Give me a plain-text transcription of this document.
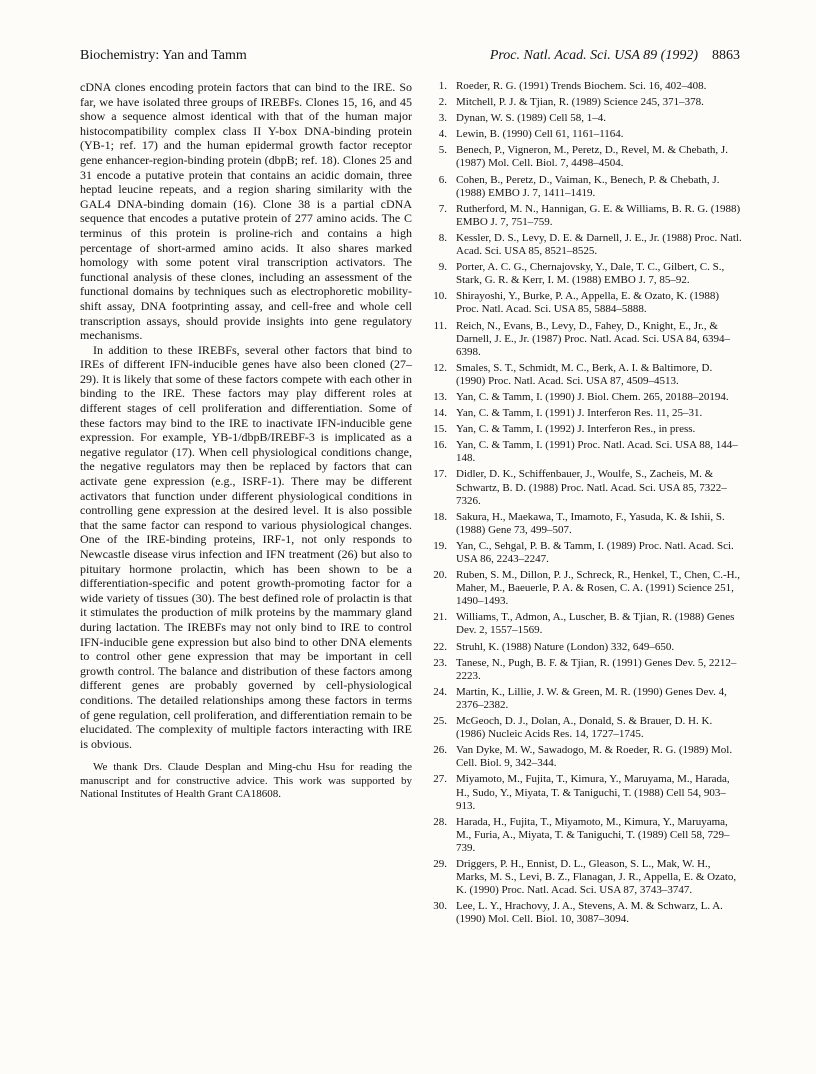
Biochemistry: Yan and Tamm	Proc. Natl. Acad. Sci. USA 89 (1992) 8863

cDNA clones encoding protein factors that can bind to the IRE. So far, we have isolated three groups of IREBFs. Clones 15, 16, and 45 show a sequence almost identical with that of the human major histocompatibility complex class II Y-box DNA-binding protein (YB-1; ref. 17) and the human epidermal growth factor receptor gene enhancer-region-binding protein (dbpB; ref. 18). Clones 25 and 31 encode a putative protein that contains an acidic domain, three heptad leucine repeats, and a region sharing similarity with the GAL4 DNA-binding domain (16). Clone 38 is a partial cDNA sequence that encodes a putative protein of 277 amino acids. The C terminus of this protein is proline-rich and contains a high percentage of short-armed amino acids. It also shares marked homology with some potent viral transcription activators. The functional analysis of these clones, including an assessment of the functional domains by techniques such as electrophoretic mobility-shift assay, DNA footprinting assay, and cell-free and whole cell transcription assays, should provide insights into gene regulatory mechanisms.

In addition to these IREBFs, several other factors that bind to IREs of different IFN-inducible genes have also been cloned (27–29). It is likely that some of these factors compete with each other in binding to the IRE. These factors may play different roles at different stages of cell proliferation and differentiation. Some of these factors may bind to the IRE to inactivate IFN-inducible gene expression. For example, YB-1/dbpB/IREBF-3 is implicated as a negative regulator (17). When cell physiological conditions change, the negative regulators may then be replaced by factors that can activate gene expression (e.g., ISRF-1). There may be different activators that function under different physiological conditions in controlling gene expression at the desired level. It is also possible that the same factor can respond to various physiological changes. One of the IRE-binding proteins, IRF-1, not only responds to Newcastle disease virus infection and IFN treatment (26) but also to pituitary hormone prolactin, which has been shown to be a differentiation-specific and potent growth-promoting factor for a wide variety of tissues (30). The best defined role of prolactin is that it stimulates the production of milk proteins by the mammary gland during lactation. The IREBFs may not only bind to IRE to control IFN-inducible gene expression but also bind to other DNA elements to control other gene expression that may be important in cell growth control. The balance and distribution of these factors among different genes are probably governed by cell-physiological conditions. The detailed relationships among these factors in terms of gene regulation, cell proliferation, and differentiation remain to be elucidated. The complexity of multiple factors interacting with IRE is obvious.

We thank Drs. Claude Desplan and Ming-chu Hsu for reading the manuscript and for constructive advice. This work was supported by National Institutes of Health Grant CA18608.

1. Roeder, R. G. (1991) Trends Biochem. Sci. 16, 402–408.
2. Mitchell, P. J. & Tjian, R. (1989) Science 245, 371–378.
3. Dynan, W. S. (1989) Cell 58, 1–4.
4. Lewin, B. (1990) Cell 61, 1161–1164.
5. Benech, P., Vigneron, M., Peretz, D., Revel, M. & Chebath, J. (1987) Mol. Cell. Biol. 7, 4498–4504.
6. Cohen, B., Peretz, D., Vaiman, K., Benech, P. & Chebath, J. (1988) EMBO J. 7, 1411–1419.
7. Rutherford, M. N., Hannigan, G. E. & Williams, B. R. G. (1988) EMBO J. 7, 751–759.
8. Kessler, D. S., Levy, D. E. & Darnell, J. E., Jr. (1988) Proc. Natl. Acad. Sci. USA 85, 8521–8525.
9. Porter, A. C. G., Chernajovsky, Y., Dale, T. C., Gilbert, C. S., Stark, G. R. & Kerr, I. M. (1988) EMBO J. 7, 85–92.
10. Shirayoshi, Y., Burke, P. A., Appella, E. & Ozato, K. (1988) Proc. Natl. Acad. Sci. USA 85, 5884–5888.
11. Reich, N., Evans, B., Levy, D., Fahey, D., Knight, E., Jr., & Darnell, J. E., Jr. (1987) Proc. Natl. Acad. Sci. USA 84, 6394–6398.
12. Smales, S. T., Schmidt, M. C., Berk, A. I. & Baltimore, D. (1990) Proc. Natl. Acad. Sci. USA 87, 4509–4513.
13. Yan, C. & Tamm, I. (1990) J. Biol. Chem. 265, 20188–20194.
14. Yan, C. & Tamm, I. (1991) J. Interferon Res. 11, 25–31.
15. Yan, C. & Tamm, I. (1992) J. Interferon Res., in press.
16. Yan, C. & Tamm, I. (1991) Proc. Natl. Acad. Sci. USA 88, 144–148.
17. Didler, D. K., Schiffenbauer, J., Woulfe, S., Zacheis, M. & Schwartz, B. D. (1988) Proc. Natl. Acad. Sci. USA 85, 7322–7326.
18. Sakura, H., Maekawa, T., Imamoto, F., Yasuda, K. & Ishii, S. (1988) Gene 73, 499–507.
19. Yan, C., Sehgal, P. B. & Tamm, I. (1989) Proc. Natl. Acad. Sci. USA 86, 2243–2247.
20. Ruben, S. M., Dillon, P. J., Schreck, R., Henkel, T., Chen, C.-H., Maher, M., Baeuerle, P. A. & Rosen, C. A. (1991) Science 251, 1490–1493.
21. Williams, T., Admon, A., Luscher, B. & Tjian, R. (1988) Genes Dev. 2, 1557–1569.
22. Struhl, K. (1988) Nature (London) 332, 649–650.
23. Tanese, N., Pugh, B. F. & Tjian, R. (1991) Genes Dev. 5, 2212–2223.
24. Martin, K., Lillie, J. W. & Green, M. R. (1990) Genes Dev. 4, 2376–2382.
25. McGeoch, D. J., Dolan, A., Donald, S. & Brauer, D. H. K. (1986) Nucleic Acids Res. 14, 1727–1745.
26. Van Dyke, M. W., Sawadogo, M. & Roeder, R. G. (1989) Mol. Cell. Biol. 9, 342–344.
27. Miyamoto, M., Fujita, T., Kimura, Y., Maruyama, M., Harada, H., Sudo, Y., Miyata, T. & Taniguchi, T. (1988) Cell 54, 903–913.
28. Harada, H., Fujita, T., Miyamoto, M., Kimura, Y., Maruyama, M., Furia, A., Miyata, T. & Taniguchi, T. (1989) Cell 58, 729–739.
29. Driggers, P. H., Ennist, D. L., Gleason, S. L., Mak, W. H., Marks, M. S., Levi, B. Z., Flanagan, J. R., Appella, E. & Ozato, K. (1990) Proc. Natl. Acad. Sci. USA 87, 3743–3747.
30. Lee, L. Y., Hrachovy, J. A., Stevens, A. M. & Schwarz, L. A. (1990) Mol. Cell. Biol. 10, 3087–3094.
